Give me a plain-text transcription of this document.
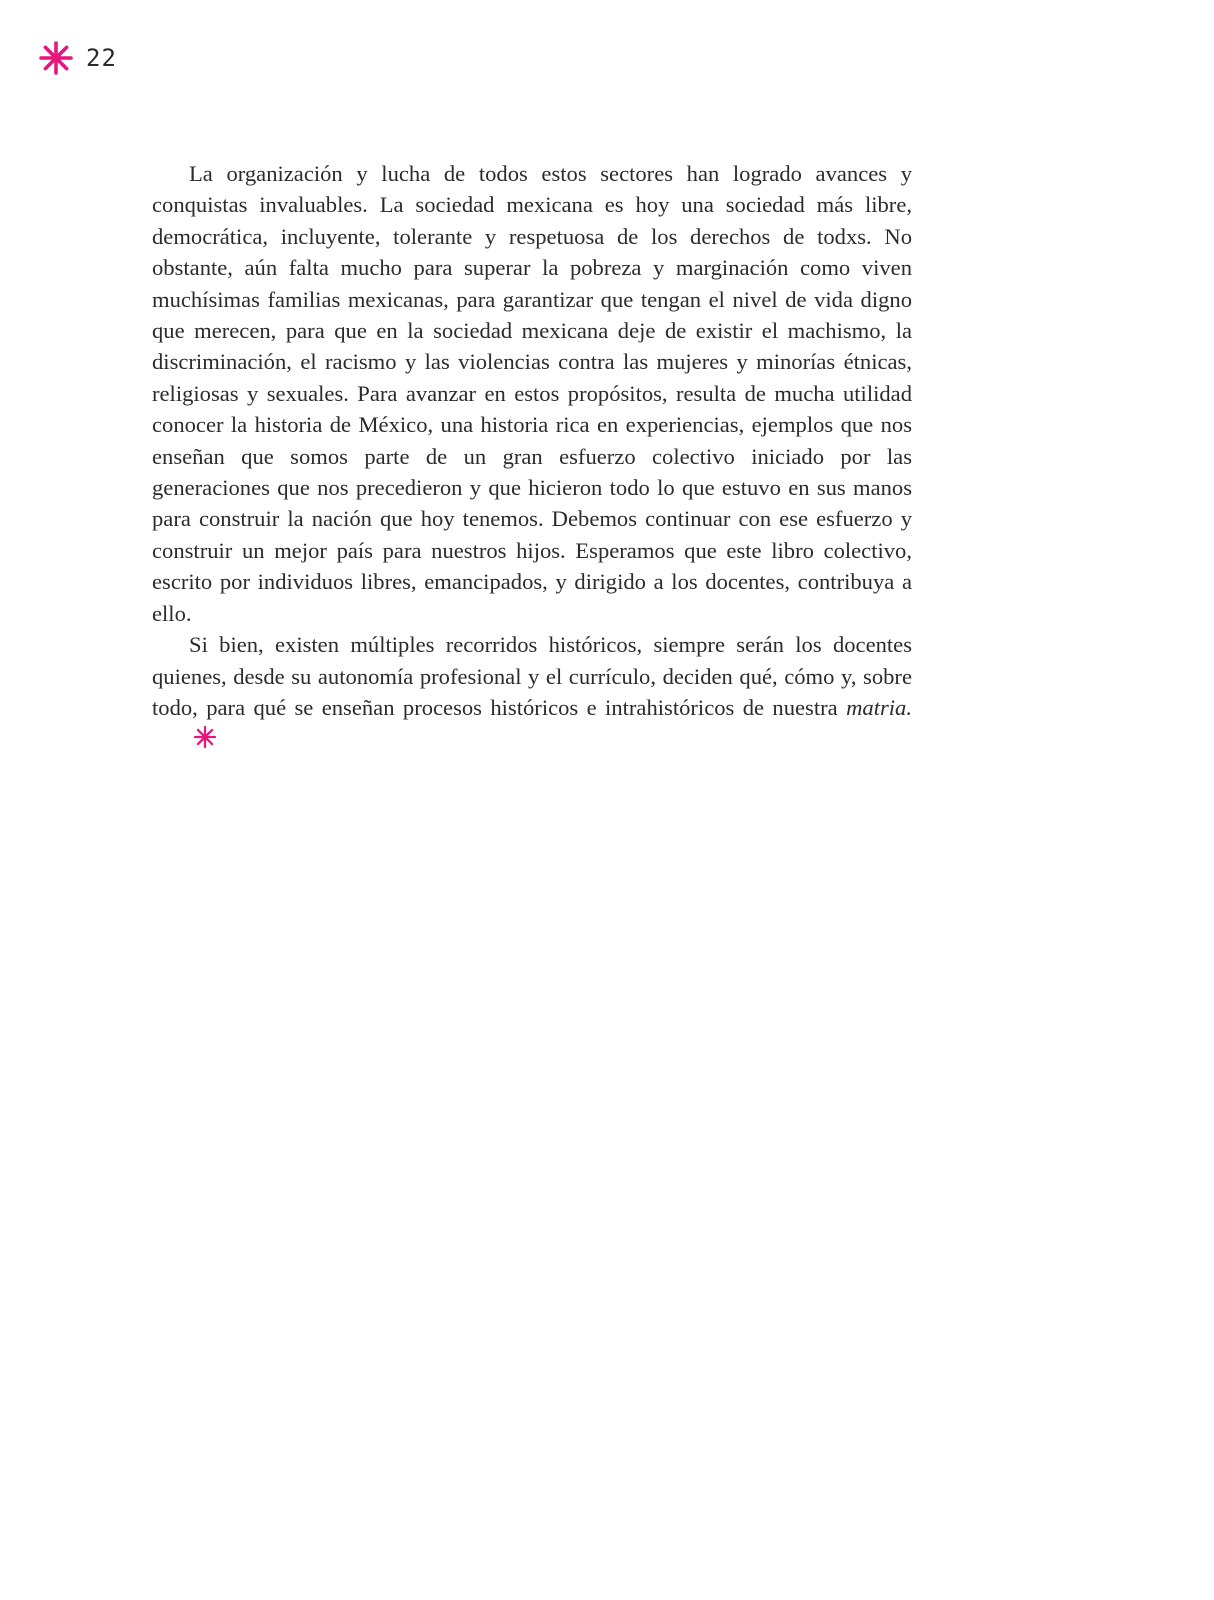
22

La organización y lucha de todos estos sectores han logrado avances y conquistas invaluables. La sociedad mexicana es hoy una sociedad más libre, democrática, incluyente, tolerante y respetuosa de los derechos de todxs. No obstante, aún falta mucho para superar la pobreza y marginación como viven muchísimas familias mexicanas, para garantizar que tengan el nivel de vida digno que merecen, para que en la sociedad mexicana deje de existir el machismo, la discriminación, el racismo y las violencias contra las mujeres y minorías étnicas, religiosas y sexuales. Para avanzar en estos propósitos, resulta de mucha utilidad conocer la historia de México, una historia rica en experiencias, ejemplos que nos enseñan que somos parte de un gran esfuerzo colectivo iniciado por las generaciones que nos precedieron y que hicieron todo lo que estuvo en sus manos para construir la nación que hoy tenemos. Debemos continuar con ese esfuerzo y construir un mejor país para nuestros hijos. Esperamos que este libro colectivo, escrito por individuos libres, emancipados, y dirigido a los docentes, contribuya a ello.

Si bien, existen múltiples recorridos históricos, siempre serán los docentes quienes, desde su autonomía profesional y el currículo, deciden qué, cómo y, sobre todo, para qué se enseñan procesos históricos e intrahistóricos de nuestra matria.
